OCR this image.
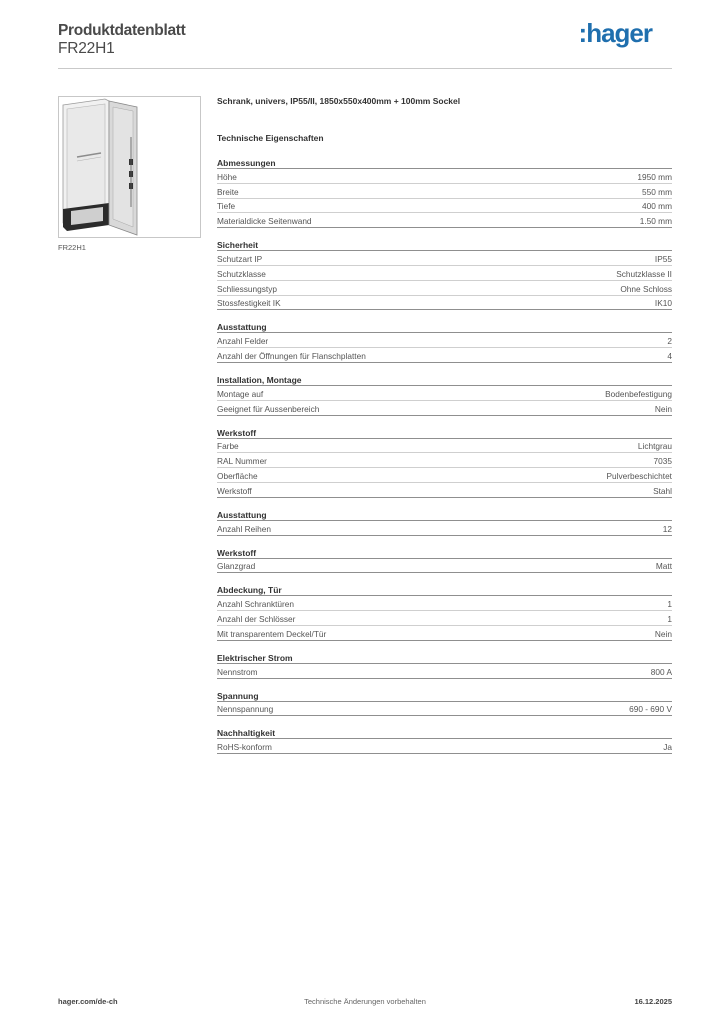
Produktdatenblatt
FR22H1
:hager
FR22H1
Schrank, univers, IP55/II, 1850x550x400mm + 100mm Sockel
Technische Eigenschaften
Abmessungen
Höhe	1950 mm
Breite	550 mm
Tiefe	400 mm
Materialdicke Seitenwand	1.50 mm
Sicherheit
Schutzart IP	IP55
Schutzklasse	Schutzklasse II
Schliessungstyp	Ohne Schloss
Stossfestigkeit IK	IK10
Ausstattung
Anzahl Felder	2
Anzahl der Öffnungen für Flanschplatten	4
Installation, Montage
Montage auf	Bodenbefestigung
Geeignet für Aussenbereich	Nein
Werkstoff
Farbe	Lichtgrau
RAL Nummer	7035
Oberfläche	Pulverbeschichtet
Werkstoff	Stahl
Ausstattung
Anzahl Reihen	12
Werkstoff
Glanzgrad	Matt
Abdeckung, Tür
Anzahl Schranktüren	1
Anzahl der Schlösser	1
Mit transparentem Deckel/Tür	Nein
Elektrischer Strom
Nennstrom	800 A
Spannung
Nennspannung	690 - 690 V
Nachhaltigkeit
RoHS-konform	Ja
hager.com/de-ch	Technische Änderungen vorbehalten	16.12.2025
